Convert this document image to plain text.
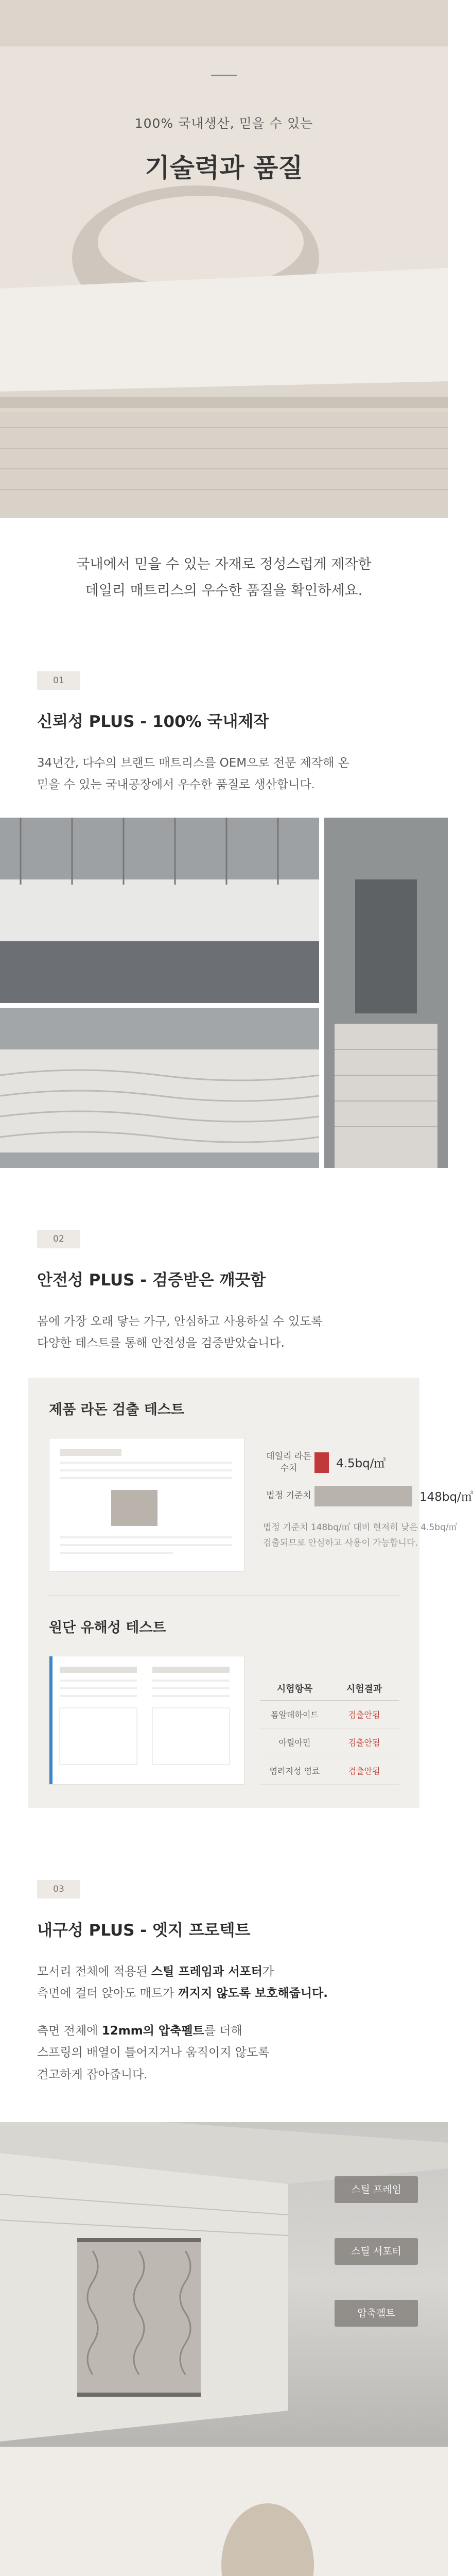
100% 국내생산, 믿을 수 있는
기술력과 품질
국내에서 믿을 수 있는 자재로 정성스럽게 제작한
데일리 매트리스의 우수한 품질을 확인하세요.
01
신뢰성 PLUS - 100% 국내제작
34년간, 다수의 브랜드 매트리스를 OEM으로 전문 제작해 온
믿을 수 있는 국내공장에서 우수한 품질로 생산합니다.
02
안전성 PLUS - 검증받은 깨끗함
몸에 가장 오래 닿는 가구, 안심하고 사용하실 수 있도록
다양한 테스트를 통해 안전성을 검증받았습니다.
제품 라돈 검출 테스트
데일리 라돈 수치	4.5bq/㎥
법정 기준치	148bq/㎥
법정 기준치 148bq/㎥ 대비 현저히 낮은 4.5bq/㎥
검출되므로 안심하고 사용이 가능합니다.
원단 유해성 테스트
시험항목	시험결과
폼알데하이드	검출안됨
아릴아민	검출안됨
염려지성 염료	검출안됨
03
내구성 PLUS - 엣지 프로텍트
모서리 전체에 적용된 스틸 프레임과 서포터가
측면에 걸터 앉아도 매트가 꺼지지 않도록 보호해줍니다.
측면 전체에 12mm의 압축펠트를 더해
스프링의 배열이 틀어지거나 움직이지 않도록
견고하게 잡아줍니다.
스틸 프레임
스틸 서포터
압축펠트
